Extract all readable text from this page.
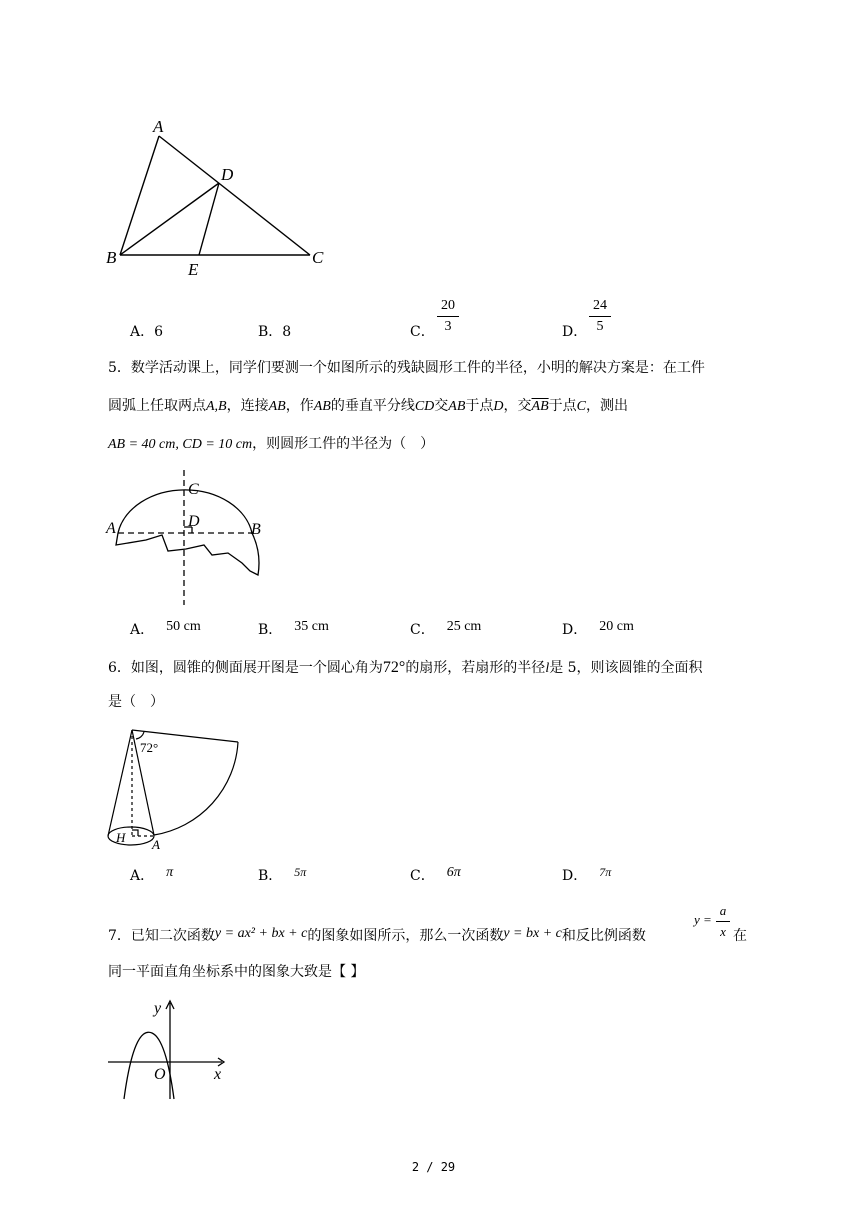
A
D
B
E
C
A．6	B．8	C．
20
3	D．
24
5
5．数学活动课上，同学们要测一个如图所示的残缺圆形工件的半径，小明的解决方案是：在工件
圆弧上任取两点A,B，连接AB，作AB的垂直平分线CD交AB于点D，交$\overline{AB}$于点C，测出
AB = 40 cm, CD = 10 cm，则圆形工件的半径为（　）
C
D
A	B
A． 50 cm	B． 35 cm	C． 25 cm	D． 20 cm
6．如图，圆锥的侧面展开图是一个圆心角为72°的扇形，若扇形的半径l是 5，则该圆锥的全面积
是（　）
72°
H A
A． π	B． 5π	C． 6π	D． 7π
7．已知二次函数y = ax² + bx + c的图象如图所示，那么一次函数y = bx + c和反比例函数
y =
a
x 在
同一平面直角坐标系中的图象大致是【 】
y
x
O
2 / 29
